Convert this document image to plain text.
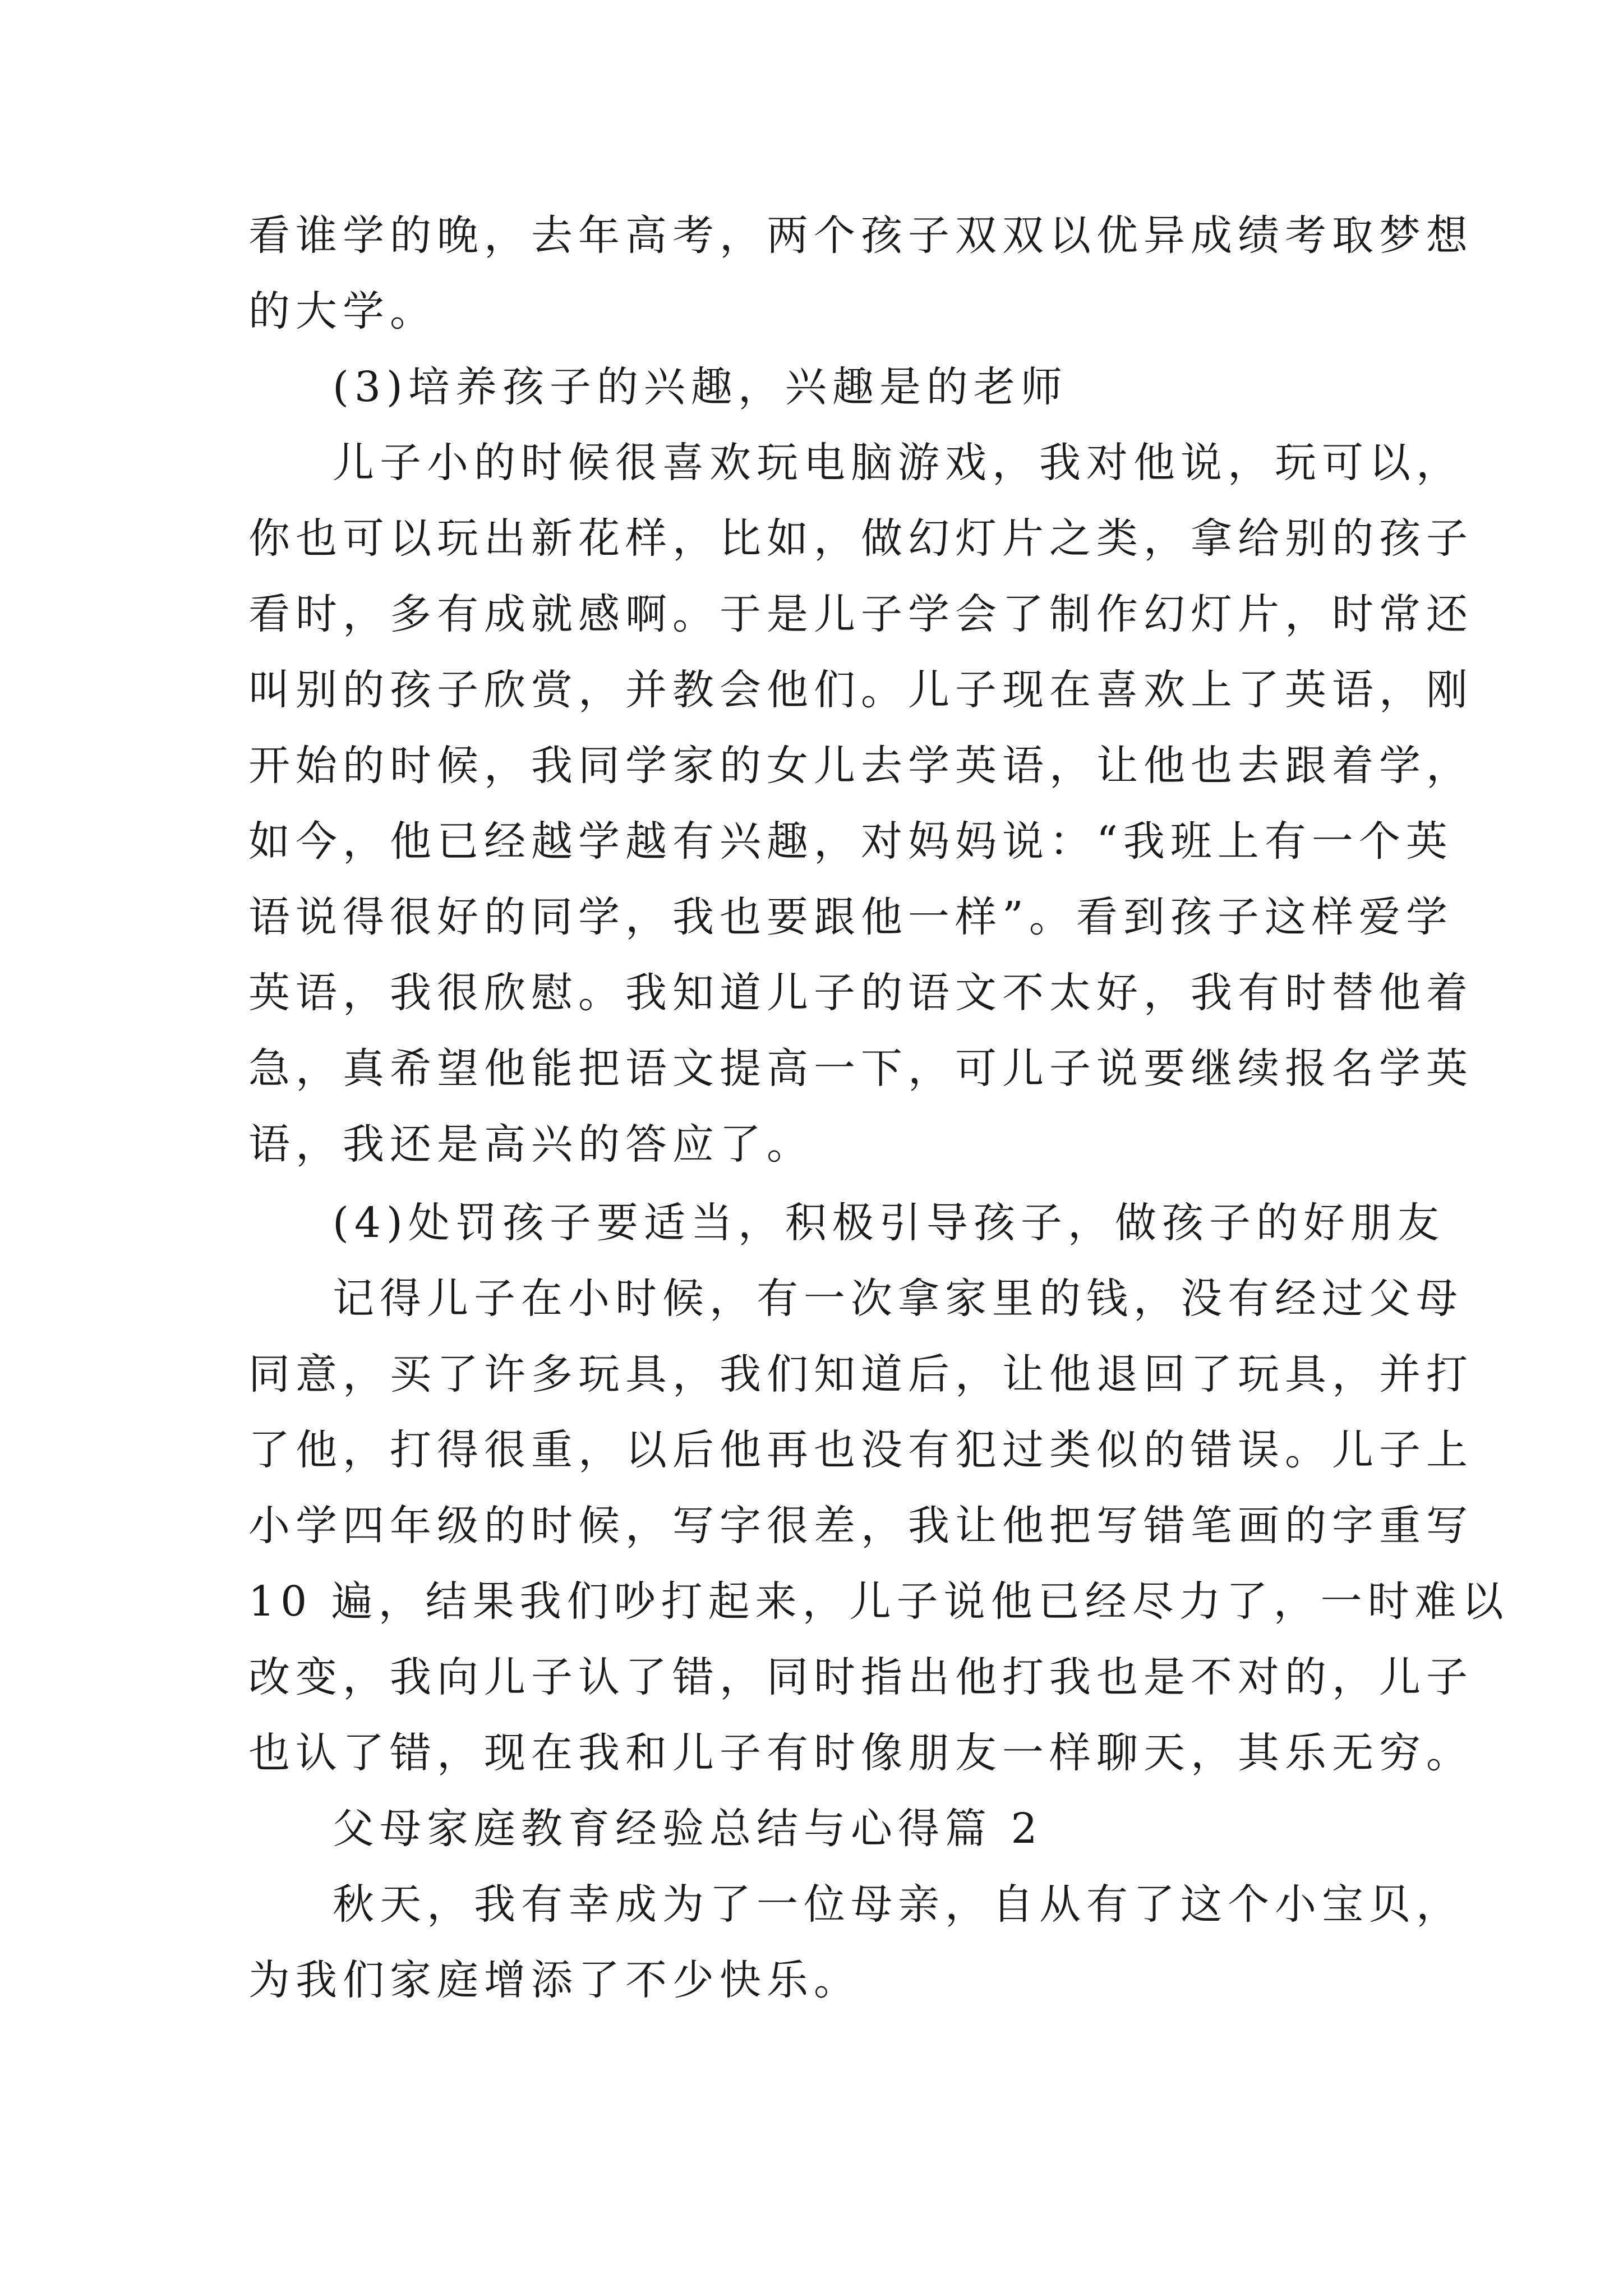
看谁学的晚，去年高考，两个孩子双双以优异成绩考取梦想
的大学。
(3)培养孩子的兴趣，兴趣是的老师
儿子小的时候很喜欢玩电脑游戏，我对他说，玩可以，
你也可以玩出新花样，比如，做幻灯片之类，拿给别的孩子
看时，多有成就感啊。于是儿子学会了制作幻灯片，时常还
叫别的孩子欣赏，并教会他们。儿子现在喜欢上了英语，刚
开始的时候，我同学家的女儿去学英语，让他也去跟着学，
如今，他已经越学越有兴趣，对妈妈说：“我班上有一个英
语说得很好的同学，我也要跟他一样”。看到孩子这样爱学
英语，我很欣慰。我知道儿子的语文不太好，我有时替他着
急，真希望他能把语文提高一下，可儿子说要继续报名学英
语，我还是高兴的答应了。
(4)处罚孩子要适当，积极引导孩子，做孩子的好朋友
记得儿子在小时候，有一次拿家里的钱，没有经过父母
同意，买了许多玩具，我们知道后，让他退回了玩具，并打
了他，打得很重，以后他再也没有犯过类似的错误。儿子上
小学四年级的时候，写字很差，我让他把写错笔画的字重写
10 遍，结果我们吵打起来，儿子说他已经尽力了，一时难以
改变，我向儿子认了错，同时指出他打我也是不对的，儿子
也认了错，现在我和儿子有时像朋友一样聊天，其乐无穷。
父母家庭教育经验总结与心得篇 2
秋天，我有幸成为了一位母亲，自从有了这个小宝贝，
为我们家庭增添了不少快乐。
